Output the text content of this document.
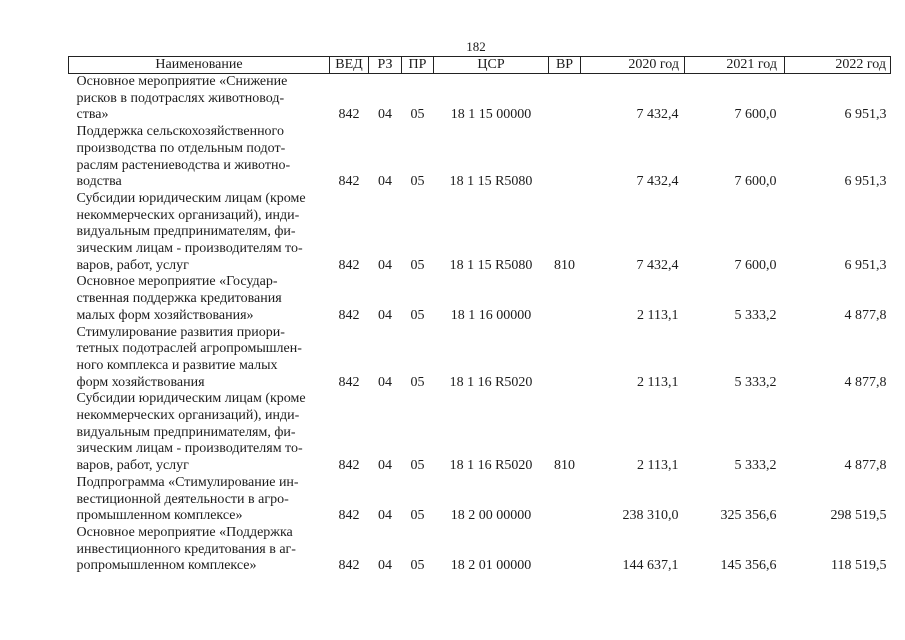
182
Наименование	ВЕД	РЗ	ПР	ЦСР	ВР	2020 год	2021 год	2022 год
Основное мероприятие «Снижение
рисков в подотраслях животновод-
ства»	842	04	05	18 1 15 00000		7 432,4	7 600,0	6 951,3
Поддержка сельскохозяйственного
производства по отдельным подот-
раслям растениеводства и животно-
водства	842	04	05	18 1 15 R5080		7 432,4	7 600,0	6 951,3
Субсидии юридическим лицам (кроме
некоммерческих организаций), инди-
видуальным предпринимателям, фи-
зическим лицам - производителям то-
варов, работ, услуг	842	04	05	18 1 15 R5080	810	7 432,4	7 600,0	6 951,3
Основное мероприятие «Государ-
ственная поддержка кредитования
малых форм хозяйствования»	842	04	05	18 1 16 00000		2 113,1	5 333,2	4 877,8
Стимулирование развития приори-
тетных подотраслей агропромышлен-
ного комплекса и развитие малых
форм хозяйствования	842	04	05	18 1 16 R5020		2 113,1	5 333,2	4 877,8
Субсидии юридическим лицам (кроме
некоммерческих организаций), инди-
видуальным предпринимателям, фи-
зическим лицам - производителям то-
варов, работ, услуг	842	04	05	18 1 16 R5020	810	2 113,1	5 333,2	4 877,8
Подпрограмма «Стимулирование ин-
вестиционной деятельности в агро-
промышленном комплексе»	842	04	05	18 2 00 00000		238 310,0	325 356,6	298 519,5
Основное мероприятие «Поддержка
инвестиционного кредитования в аг-
ропромышленном комплексе»	842	04	05	18 2 01 00000		144 637,1	145 356,6	118 519,5
